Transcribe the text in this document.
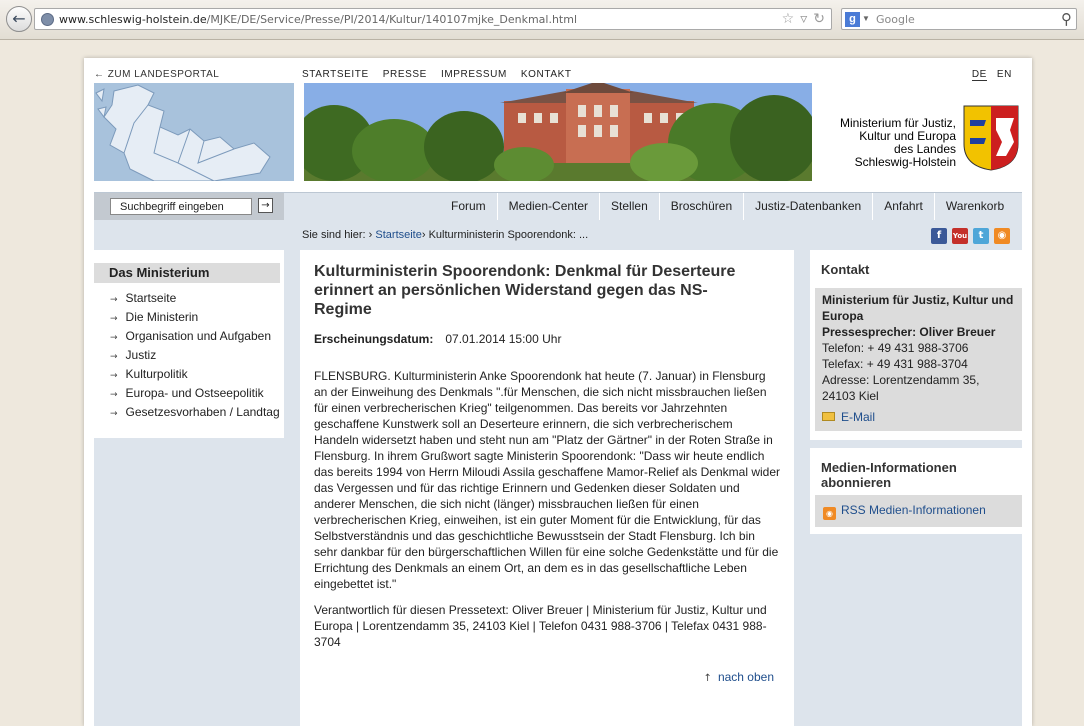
←	www.schleswig-holstein.de/MJKE/DE/Service/Presse/PI/2014/Kultur/140107mjke_Denkmal.html	☆ ▿ ↻	g ▼ Google	⚲
← ZUM LANDESPORTAL	STARTSEITE PRESSE IMPRESSUM KONTAKT	DE EN
Ministerium für Justiz,
Kultur und Europa
des Landes
Schleswig-Holstein
Suchbegriff eingeben
→	Forum	Medien-Center	Stellen	Broschüren	Justiz-Datenbanken	Anfahrt	Warenkorb
Sie sind hier: › Startseite› Kulturministerin Spoorendonk: ...	f	You	t	◉
Das Ministerium
→ Startseite
→ Die Ministerin
→ Organisation und Aufgaben
→ Justiz
→ Kulturpolitik
→ Europa- und Ostseepolitik
→ Gesetzesvorhaben / Landtag
Kulturministerin Spoorendonk: Denkmal für Deserteure erinnert an persönlichen Widerstand gegen das NS-Regime
Erscheinungsdatum: 07.01.2014 15:00 Uhr
FLENSBURG. Kulturministerin Anke Spoorendonk hat heute (7. Januar) in Flensburg an der Einweihung des Denkmals ".für Menschen, die sich nicht missbrauchen ließen für einen verbrecherischen Krieg" teilgenommen. Das bereits vor Jahrzehnten geschaffene Kunstwerk soll an Deserteure erinnern, die sich verbrecherischem Handeln widersetzt haben und steht nun am "Platz der Gärtner" in der Roten Straße in Flensburg. In ihrem Grußwort sagte Ministerin Spoorendonk: "Dass wir heute endlich das bereits 1994 von Herrn Miloudi Assila geschaffene Mamor-Relief als Denkmal wider das Vergessen und für das richtige Erinnern und Gedenken dieser Soldaten und anderer Menschen, die sich nicht (länger) missbrauchen ließen für einen verbrecherischen Krieg, einweihen, ist ein guter Moment für die Entwicklung, für das Selbstverständnis und das geschichtliche Bewusstsein der Stadt Flensburg. Ich bin sehr dankbar für den bürgerschaftlichen Willen für eine solche Gedenkstätte und für die Errichtung des Denkmals an einem Ort, an dem es in das gesellschaftliche Leben eingebettet ist."
Verantwortlich für diesen Pressetext: Oliver Breuer | Ministerium für Justiz, Kultur und Europa | Lorentzendamm 35, 24103 Kiel | Telefon 0431 988-3706 | Telefax 0431 988-3704
↑ nach oben
Kontakt
Ministerium für Justiz, Kultur und Europa
Pressesprecher: Oliver Breuer
Telefon: + 49 431 988-3706
Telefax: + 49 431 988-3704
Adresse: Lorentzendamm 35,
24103 Kiel
E-Mail
Medien-Informationen abonnieren
◉ RSS Medien-Informationen
